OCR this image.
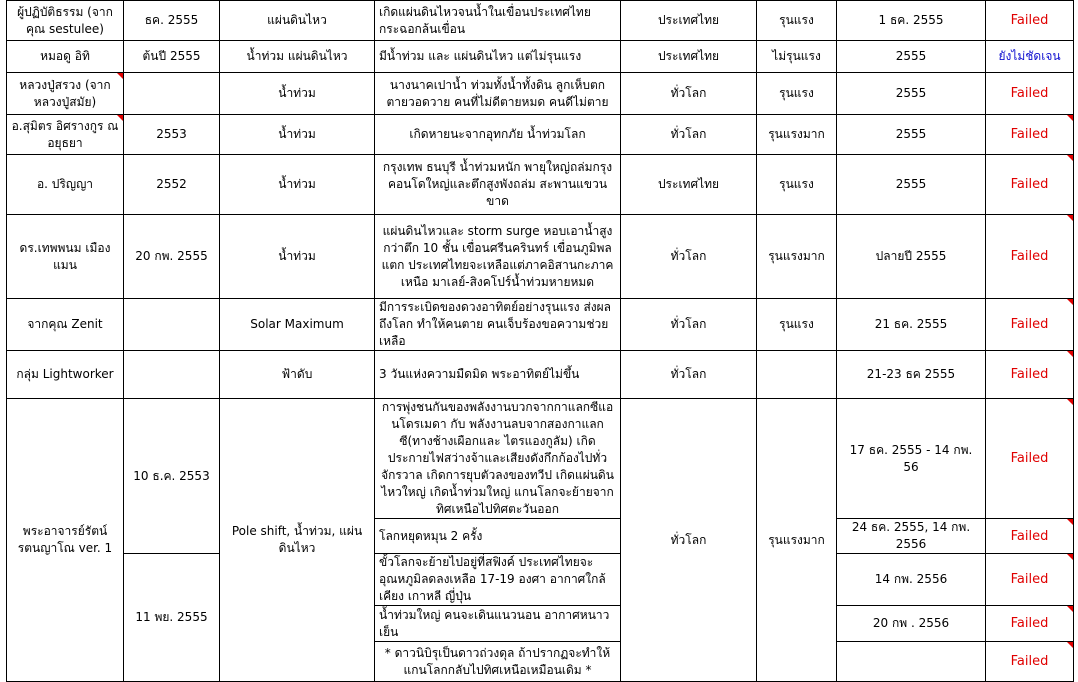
ผู้ปฏิบัติธรรม (จากคุณ sestulee)	ธค. 2555	แผ่นดินไหว	เกิดแผ่นดินไหวจนน้ำในเขื่อนประเทศไทยกระฉอกล้นเขื่อน	ประเทศไทย	รุนแรง	1 ธค. 2555	Failed
หมอดู อิทิ	ต้นปี 2555	น้ำท่วม แผ่นดินไหว	มีน้ำท่วม และ แผ่นดินไหว แต่ไม่รุนแรง	ประเทศไทย	ไม่รุนแรง	2555	ยังไม่ชัดเจน
หลวงปู่สรวง (จากหลวงปู่สมัย)		น้ำท่วม	นางนาคเปาน้ำ ท่วมทั้งน้ำทั้งดิน ลูกเห็บตก ตายวอดวาย คนที่ไม่ดีตายหมด คนดีไม่ตาย	ทั่วโลก	รุนแรง	2555	Failed
อ.สุมิตร อิศรางกูร ณ อยุธยา	2553	น้ำท่วม	เกิดหายนะจากอุทกภัย น้ำท่วมโลก	ทั่วโลก	รุนแรงมาก	2555	Failed

อ. ปริญญา	2552	น้ำท่วม	กรุงเทพ ธนบุรี น้ำท่วมหนัก พายุใหญ่ถล่มกรุง คอนโดใหญ่และตึกสูงพังถล่ม สะพานแขวนขาด	ประเทศไทย	รุนแรง	2555	Failed

ดร.เทพพนม เมืองแมน	20 กพ. 2555	น้ำท่วม	แผ่นดินไหวและ storm surge หอบเอาน้ำสูงกว่าตึก 10 ชั้น เขื่อนศรีนครินทร์ เขื่อนภูมิพลแตก ประเทศไทยจะเหลือแต่ภาคอิสานกะภาคเหนือ มาเลย์-สิงคโปร์น้ำท่วมหายหมด	ทั่วโลก	รุนแรงมาก	ปลายปี 2555	Failed

จากคุณ Zenit		Solar Maximum	มีการระเบิดของดวงอาทิตย์อย่างรุนแรง ส่งผลถึงโลก ทำให้คนตาย คนเจ็บร้องขอความช่วยเหลือ	ทั่วโลก	รุนแรง	21 ธค. 2555	Failed

กลุ่ม Lightworker		ฟ้าดับ	3 วันแห่งความมืดมิด พระอาทิตย์ไม่ขึ้น	ทั่วโลก		21-23 ธค 2555	Failed

พระอาจารย์รัตน์ รตนญาโณ ver. 1	10 ธ.ค. 2553	Pole shift, น้ำท่วม, แผ่นดินไหว	การพุ่งชนกันของพลังงานบวกจากกาแลกซีแอนโดรเมดา กับ พลังงานลบจากสองกาแลกซี(ทางช้างเผือกและ ไตรแองกูลัม) เกิดประกายไฟสว่างจ้าและเสียงดังกึกก้องไปทั่วจักรวาล เกิดการยุบตัวลงของทวีป เกิดแผ่นดินไหวใหญ่ เกิดน้ำท่วมใหญ่ แกนโลกจะย้ายจากทิศเหนือไปทิศตะวันออก	ทั่วโลก	รุนแรงมาก	17 ธค. 2555 - 14 กพ. 56	Failed

			โลกหยุดหมุน 2 ครั้ง			24 ธค. 2555, 14 กพ. 2556	Failed

	11 พย. 2555		ขั้วโลกจะย้ายไปอยู่ที่สฟิงค์ ประเทศไทยจะอุณหภูมิลดลงเหลือ 17-19 องศา อากาศใกล้เคียง เกาหลี ญี่ปุ่น			14 กพ. 2556	Failed

			น้ำท่วมใหญ่ คนจะเดินแนวนอน อากาศหนาวเย็น			20 กพ . 2556	Failed

			* ดาวนิบิรุเป็นดาวถ่วงดุล ถ้าปรากฏจะทำให้แกนโลกกลับไปทิศเหนือเหมือนเดิม *				Failed
